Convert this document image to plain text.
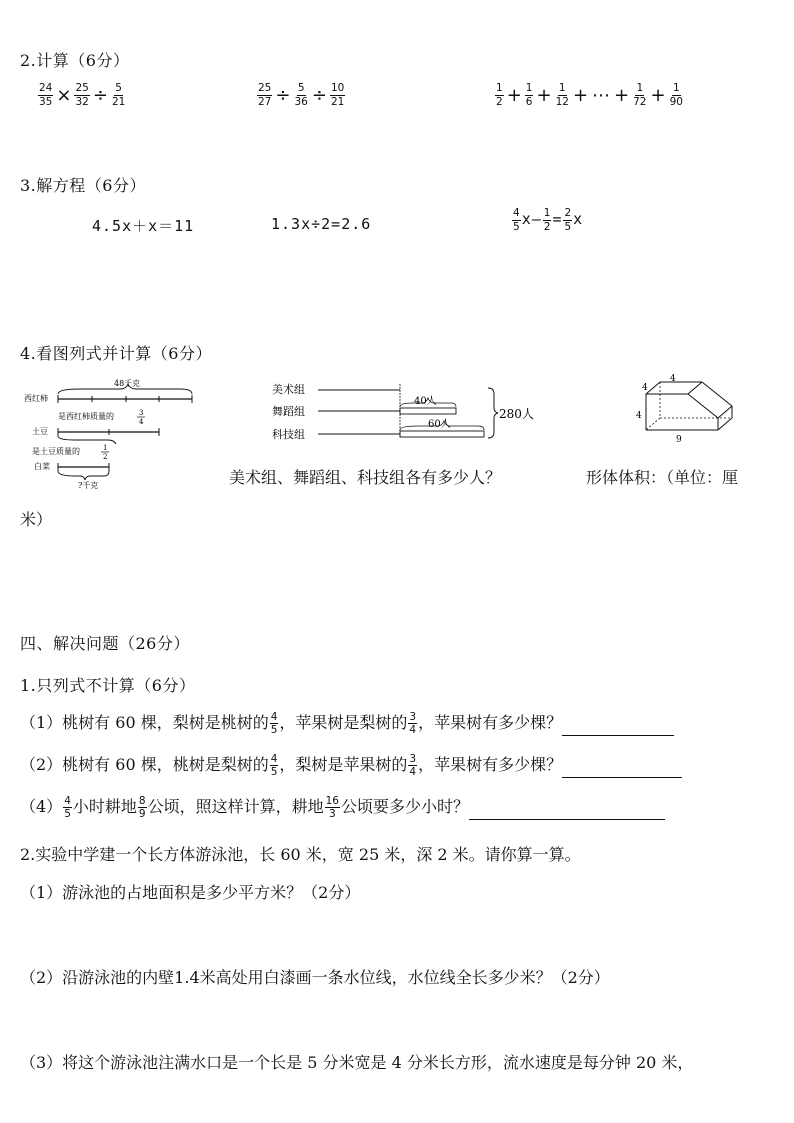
2.计算（6分）
$\frac{24}{35} \times \frac{25}{32} \div \frac{5}{21}$	$\frac{25}{27} \div \frac{5}{36} \div \frac{10}{21}$	$\frac{1}{2} + \frac{1}{6} + \frac{1}{12}$ + ⋯ + $\frac{1}{72} + \frac{1}{90}$
3.解方程（6分）
4.5x＋x＝11	1.3x÷2=2.6	$\frac{4}{5}$ x— $\frac{1}{2} = \frac{2}{5}$ x
4.看图列式并计算（6分）
48千克
西红柿
是西红柿质量的	3
4
土豆
是土豆质量的	1
2
白菜
?千克
美术组
舞蹈组
40人
科技组
60人
280人
4
4
4
9
美术组、舞蹈组、科技组各有多少人？	形体体积：（单位：厘
米）
四、解决问题（26分）
1.只列式不计算（6分）
（1）桃树有 60 棵，梨树是桃树的 $\frac{4}{5}$ ，苹果树是梨树的 $\frac{3}{4}$ ，苹果树有多少棵？
（2）桃树有 60 棵，桃树是梨树的 $\frac{4}{5}$ ，梨树是苹果树的 $\frac{3}{4}$ ，苹果树有多少棵？
$(4) \frac{4}{5}$ 小时耕地 $\frac{8}{9}$ 公顷，照这样计算，耕地 $\frac{16}{3}$ 公顷要多少小时？
2.实验中学建一个长方体游泳池，长 60 米，宽 25 米，深 2 米。请你算一算。
（1）游泳池的占地面积是多少平方米？（2分）
（2）沿游泳池的内壁1.4米高处用白漆画一条水位线，水位线全长多少米？（2分）
（3）将这个游泳池注满水口是一个长是 5 分米宽是 4 分米长方形，流水速度是每分钟 20 米，
